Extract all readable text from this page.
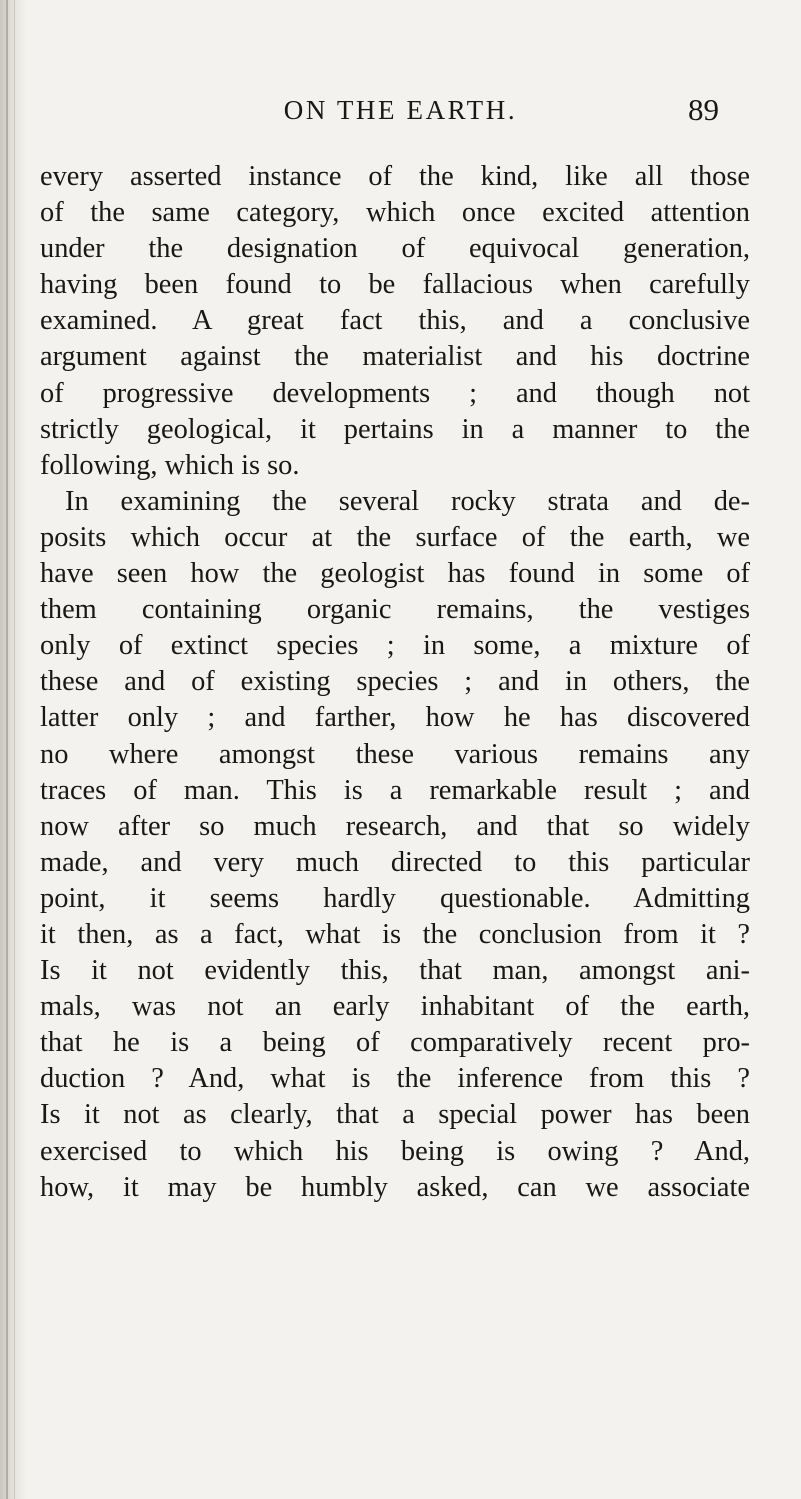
ON THE EARTH.	89
every asserted instance of the kind, like all those
of the same category, which once excited attention
under the designation of equivocal generation,
having been found to be fallacious when carefully
examined. A great fact this, and a conclusive
argument against the materialist and his doctrine
of progressive developments ; and though not
strictly geological, it pertains in a manner to the
following, which is so.
In examining the several rocky strata and de-
posits which occur at the surface of the earth, we
have seen how the geologist has found in some of
them containing organic remains, the vestiges
only of extinct species ; in some, a mixture of
these and of existing species ; and in others, the
latter only ; and farther, how he has discovered
no where amongst these various remains any
traces of man. This is a remarkable result ; and
now after so much research, and that so widely
made, and very much directed to this particular
point, it seems hardly questionable. Admitting
it then, as a fact, what is the conclusion from it ?
Is it not evidently this, that man, amongst ani-
mals, was not an early inhabitant of the earth,
that he is a being of comparatively recent pro-
duction ? And, what is the inference from this ?
Is it not as clearly, that a special power has been
exercised to which his being is owing ? And,
how, it may be humbly asked, can we associate
